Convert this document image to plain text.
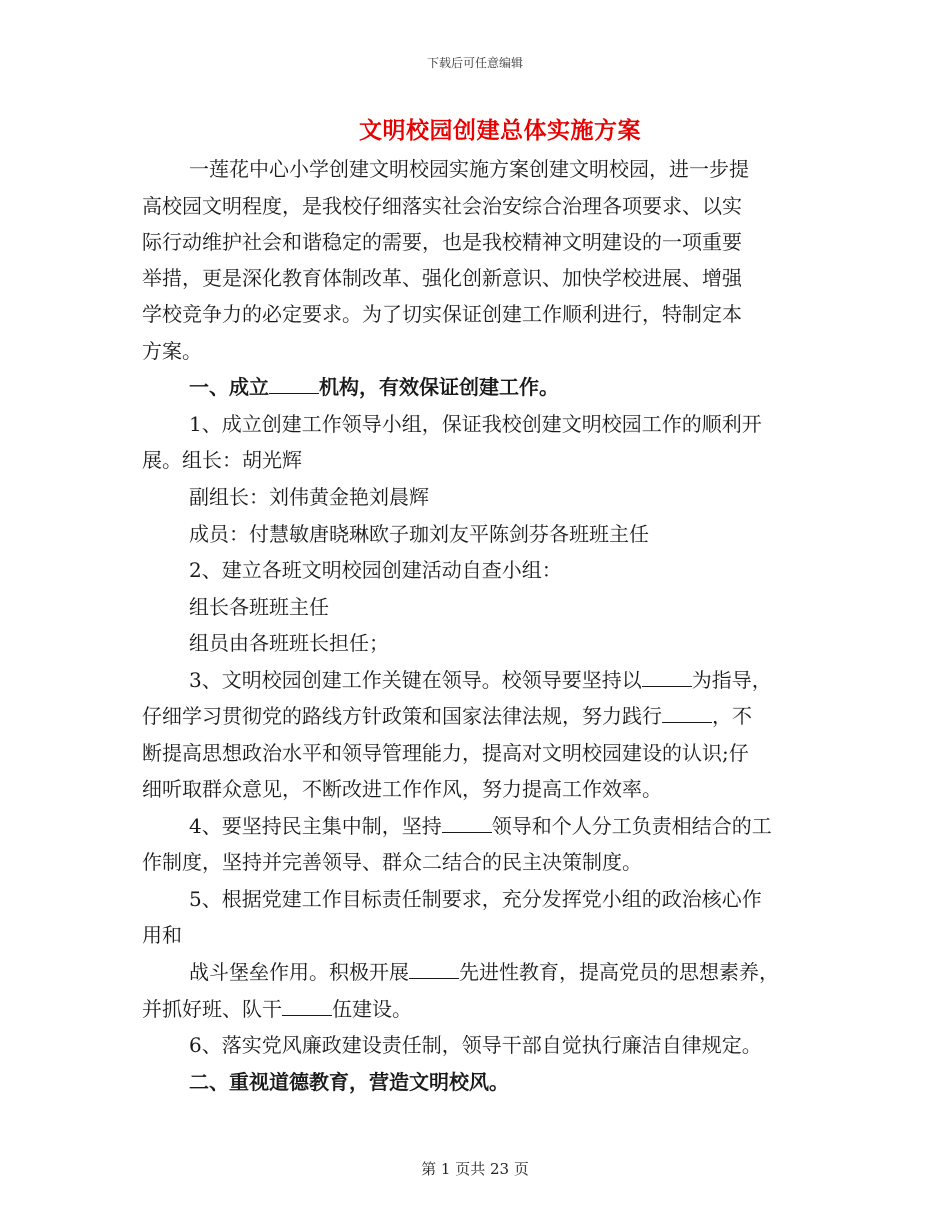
下载后可任意编辑

文明校园创建总体实施方案

一莲花中心小学创建文明校园实施方案创建文明校园，进一步提

高校园文明程度，是我校仔细落实社会治安综合治理各项要求、以实

际行动维护社会和谐稳定的需要，也是我校精神文明建设的一项重要

举措，更是深化教育体制改革、强化创新意识、加快学校进展、增强

学校竞争力的必定要求。为了切实保证创建工作顺利进行，特制定本

方案。

一、成立	机构，有效保证创建工作。

1、成立创建工作领导小组，保证我校创建文明校园工作的顺利开

展。组长：胡光辉

副组长：刘伟黄金艳刘晨辉

成员：付慧敏唐晓琳欧子珈刘友平陈剑芬各班班主任

2、建立各班文明校园创建活动自查小组：

组长各班班主任

组员由各班班长担任；

3、文明校园创建工作关键在领导。校领导要坚持以	为指导，

仔细学习贯彻党的路线方针政策和国家法律法规，努力践行	，不

断提高思想政治水平和领导管理能力，提高对文明校园建设的认识;仔

细听取群众意见，不断改进工作作风，努力提高工作效率。

4、要坚持民主集中制，坚持	领导和个人分工负责相结合的工

作制度，坚持并完善领导、群众二结合的民主决策制度。

5、根据党建工作目标责任制要求，充分发挥党小组的政治核心作

用和

战斗堡垒作用。积极开展	先进性教育，提高党员的思想素养，

并抓好班、队干	伍建设。

6、落实党风廉政建设责任制，领导干部自觉执行廉洁自律规定。

二、重视道德教育，营造文明校风。

第 1 页共 23 页
